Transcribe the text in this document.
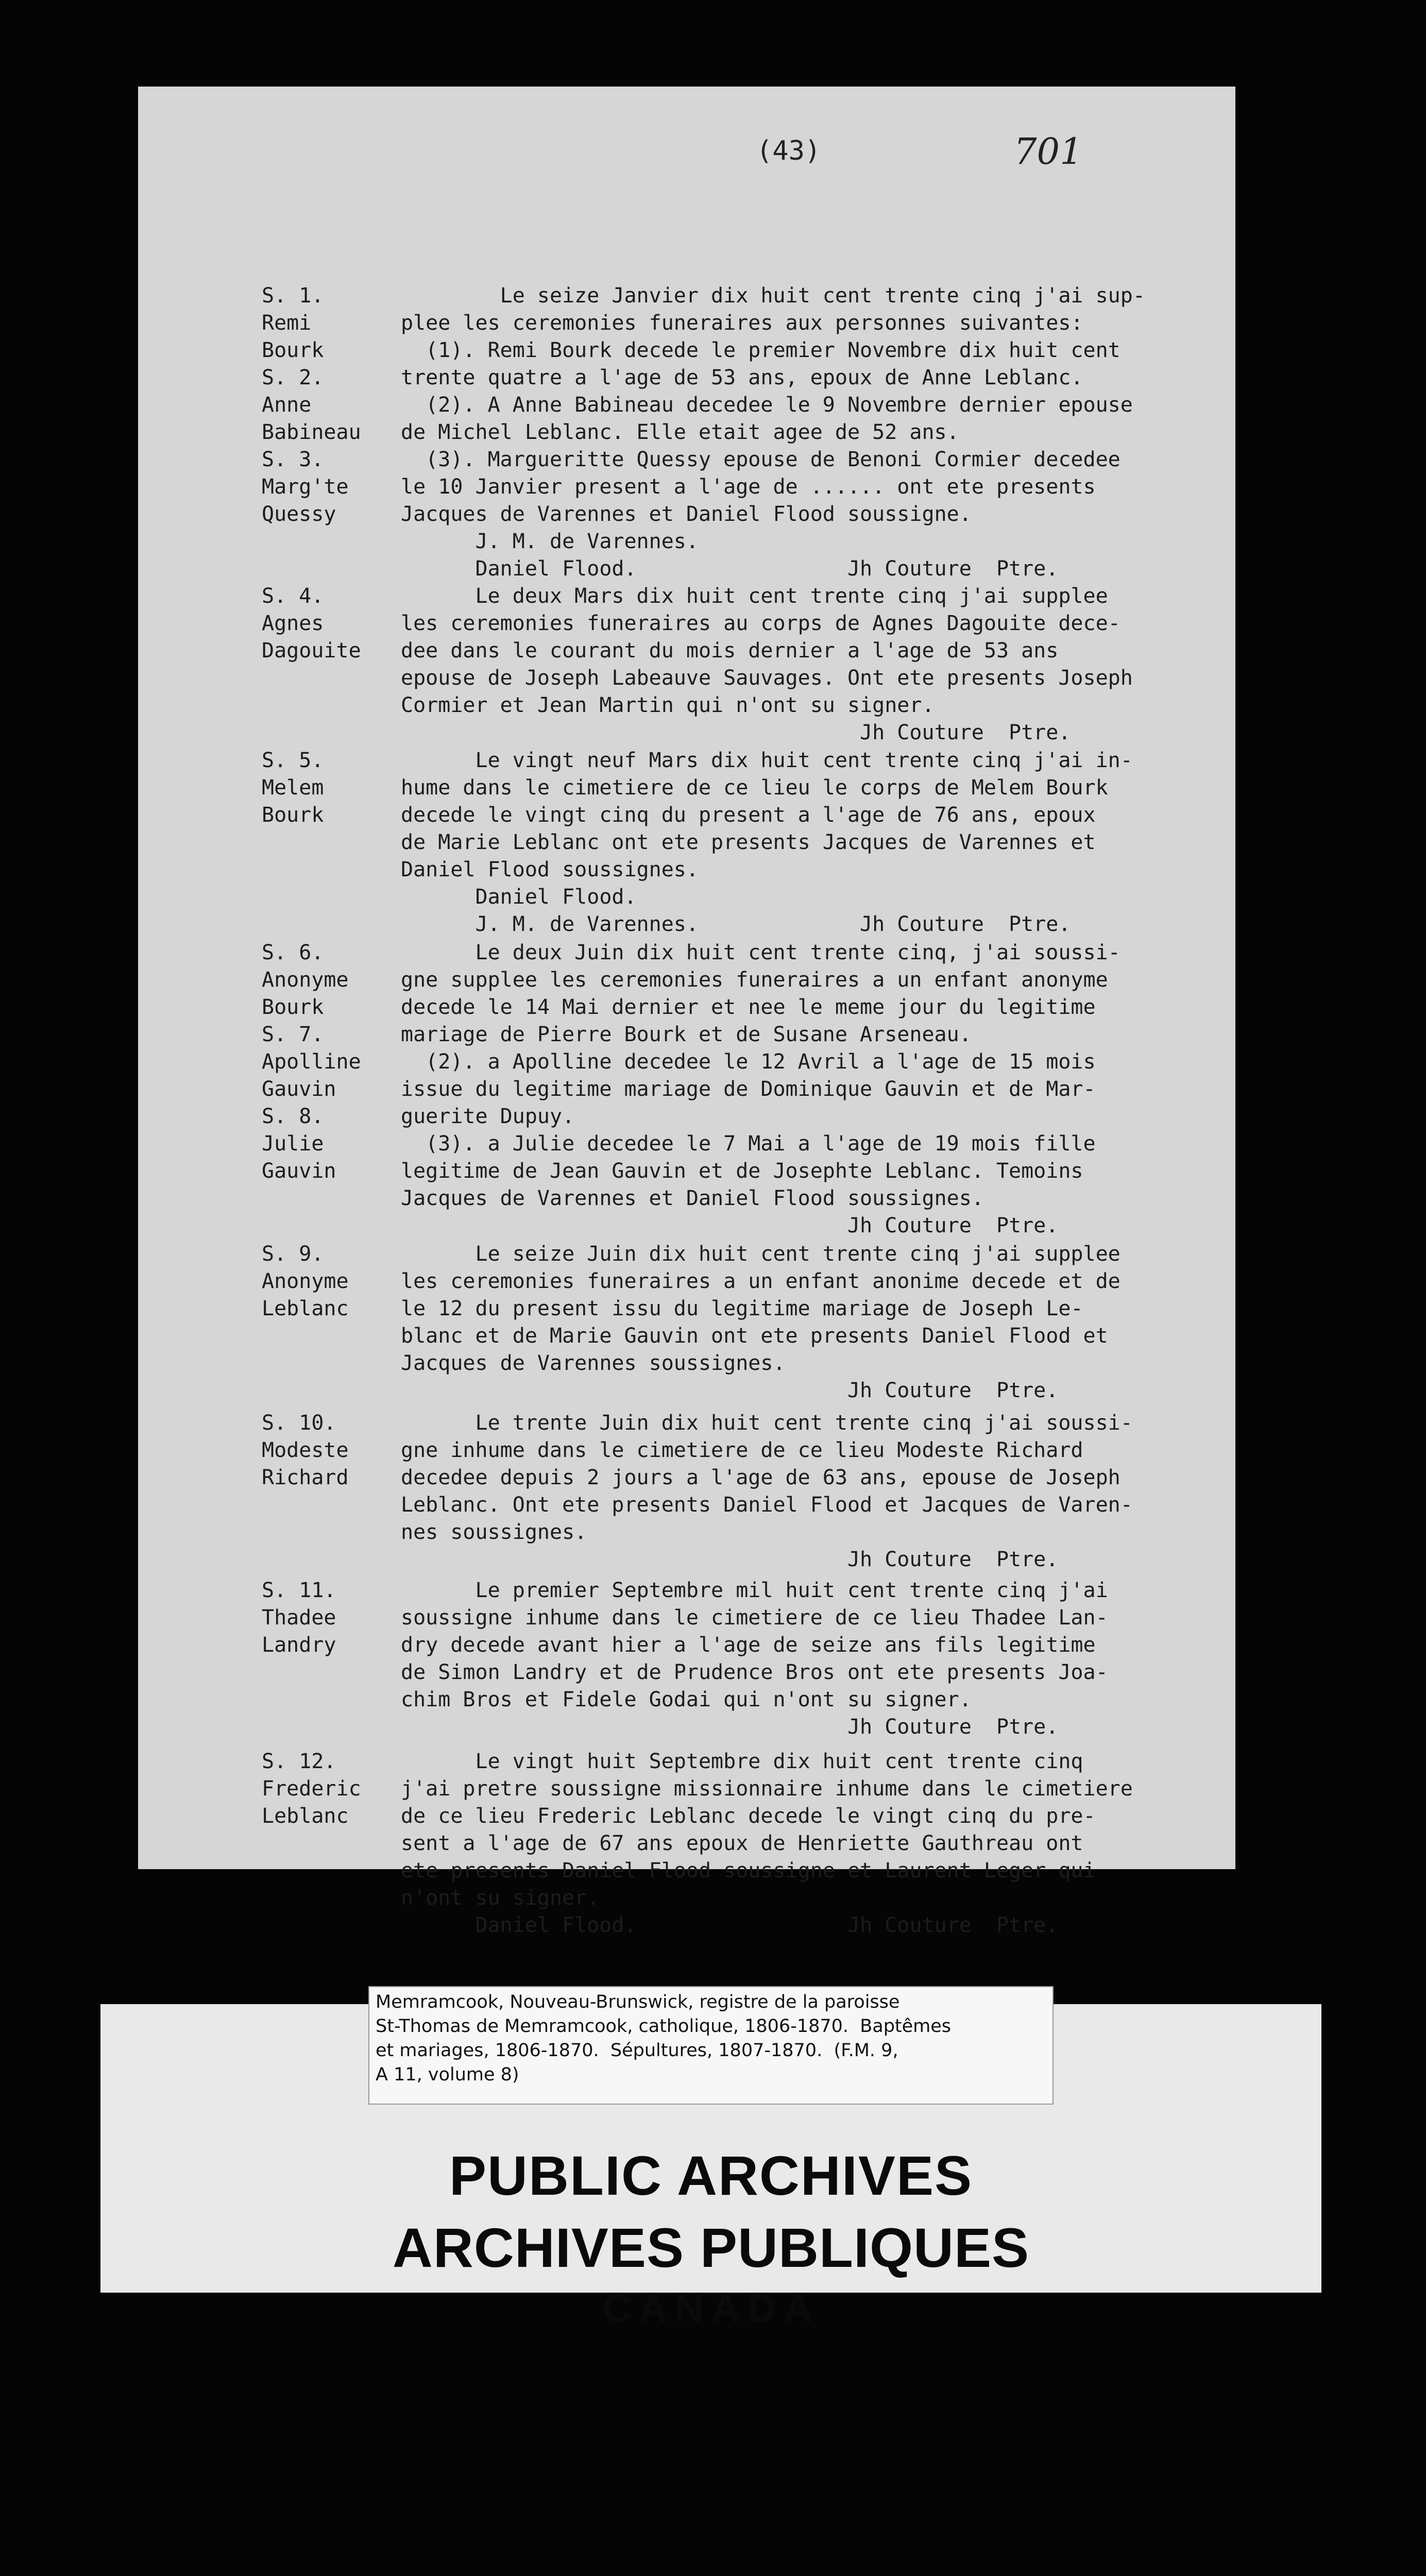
(43)	701
S. 1.
Remi
Bourk
S. 2.
Anne
Babineau
S. 3.
Marg'te
Quessy
Le seize Janvier dix huit cent trente cinq j'ai sup-
plee les ceremonies funeraires aux personnes suivantes:
(1). Remi Bourk decede le premier Novembre dix huit cent
trente quatre a l'age de 53 ans, epoux de Anne Leblanc.
(2). A Anne Babineau decedee le 9 Novembre dernier epouse
de Michel Leblanc. Elle etait agee de 52 ans.
(3). Margueritte Quessy epouse de Benoni Cormier decedee
le 10 Janvier present a l'age de ...... ont ete presents
Jacques de Varennes et Daniel Flood soussigne.
J. M. de Varennes.
Daniel Flood.                 Jh Couture  Ptre.
S. 4.
Agnes
Dagouite
Le deux Mars dix huit cent trente cinq j'ai supplee
les ceremonies funeraires au corps de Agnes Dagouite dece-
dee dans le courant du mois dernier a l'age de 53 ans
epouse de Joseph Labeauve Sauvages. Ont ete presents Joseph
Cormier et Jean Martin qui n'ont su signer.
Jh Couture  Ptre.
S. 5.
Melem
Bourk
Le vingt neuf Mars dix huit cent trente cinq j'ai in-
hume dans le cimetiere de ce lieu le corps de Melem Bourk
decede le vingt cinq du present a l'age de 76 ans, epoux
de Marie Leblanc ont ete presents Jacques de Varennes et
Daniel Flood soussignes.
Daniel Flood.
J. M. de Varennes.             Jh Couture  Ptre.
S. 6.
Anonyme
Bourk
S. 7.
Apolline
Gauvin
S. 8.
Julie
Gauvin
Le deux Juin dix huit cent trente cinq, j'ai soussi-
gne supplee les ceremonies funeraires a un enfant anonyme
decede le 14 Mai dernier et nee le meme jour du legitime
mariage de Pierre Bourk et de Susane Arseneau.
(2). a Apolline decedee le 12 Avril a l'age de 15 mois
issue du legitime mariage de Dominique Gauvin et de Mar-
guerite Dupuy.
(3). a Julie decedee le 7 Mai a l'age de 19 mois fille
legitime de Jean Gauvin et de Josephte Leblanc. Temoins
Jacques de Varennes et Daniel Flood soussignes.
Jh Couture  Ptre.
S. 9.
Anonyme
Leblanc
Le seize Juin dix huit cent trente cinq j'ai supplee
les ceremonies funeraires a un enfant anonime decede et de
le 12 du present issu du legitime mariage de Joseph Le-
blanc et de Marie Gauvin ont ete presents Daniel Flood et
Jacques de Varennes soussignes.
Jh Couture  Ptre.
S. 10.
Modeste
Richard
Le trente Juin dix huit cent trente cinq j'ai soussi-
gne inhume dans le cimetiere de ce lieu Modeste Richard
decedee depuis 2 jours a l'age de 63 ans, epouse de Joseph
Leblanc. Ont ete presents Daniel Flood et Jacques de Varen-
nes soussignes.
Jh Couture  Ptre.
S. 11.
Thadee
Landry
Le premier Septembre mil huit cent trente cinq j'ai
soussigne inhume dans le cimetiere de ce lieu Thadee Lan-
dry decede avant hier a l'age de seize ans fils legitime
de Simon Landry et de Prudence Bros ont ete presents Joa-
chim Bros et Fidele Godai qui n'ont su signer.
Jh Couture  Ptre.
S. 12.
Frederic
Leblanc
Le vingt huit Septembre dix huit cent trente cinq
j'ai pretre soussigne missionnaire inhume dans le cimetiere
de ce lieu Frederic Leblanc decede le vingt cinq du pre-
sent a l'age de 67 ans epoux de Henriette Gauthreau ont
ete presents Daniel Flood soussigne et Laurent Leger qui
n'ont su signer.
Daniel Flood.                 Jh Couture  Ptre.
PUBLIC ARCHIVES
ARCHIVES PUBLIQUES
CANADA
Memramcook, Nouveau-Brunswick, registre de la paroisse
St-Thomas de Memramcook, catholique, 1806-1870.  Baptêmes
et mariages, 1806-1870.  Sépultures, 1807-1870.  (F.M. 9,
A 11, volume 8)
